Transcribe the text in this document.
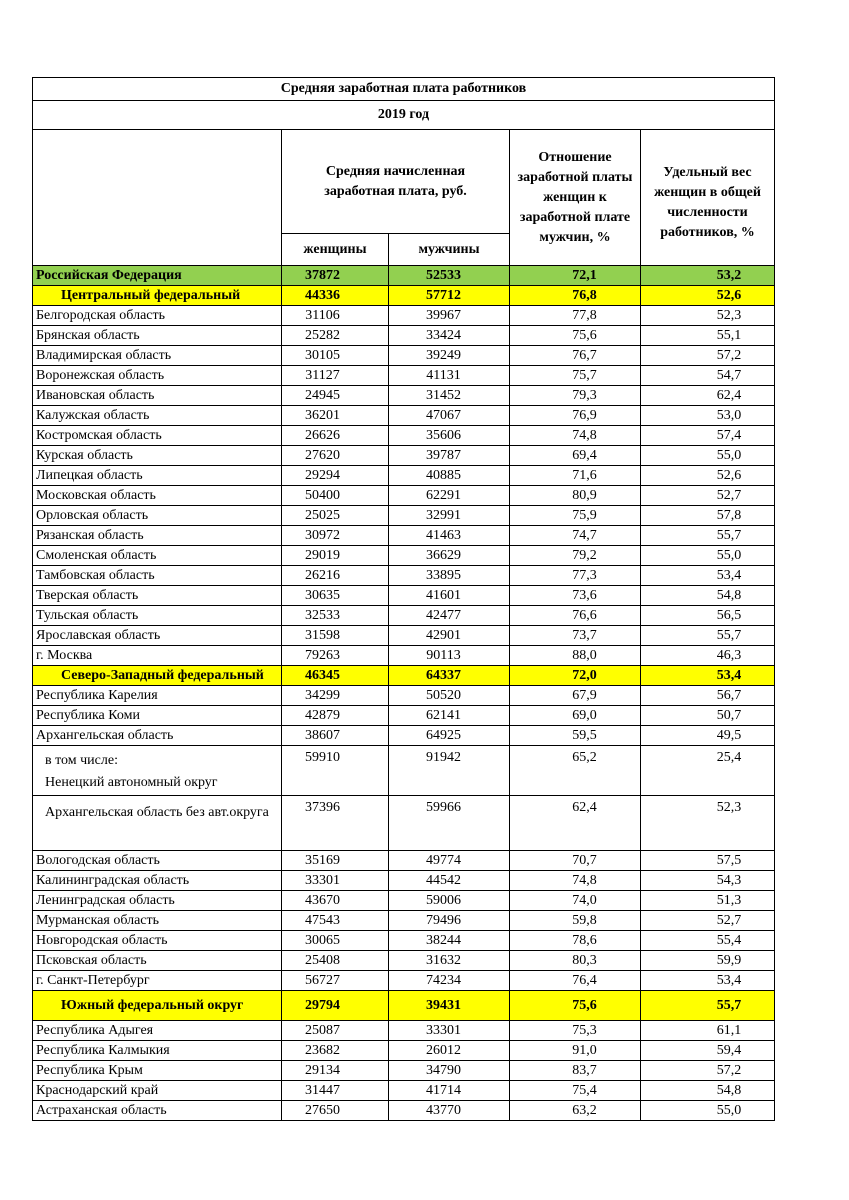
Средняя заработная плата работников				
2019 год				
	Средняя начисленная заработная плата, руб.		Отношение заработной платы женщин к заработной плате мужчин, %	Удельный вес женщин в общей численности работников, %
	женщины	мужчины		
Российская Федерация	37872	52533	72,1	53,2
Центральный федеральный	44336	57712	76,8	52,6
Белгородская область	31106	39967	77,8	52,3
Брянская область	25282	33424	75,6	55,1
Владимирская область	30105	39249	76,7	57,2
Воронежская область	31127	41131	75,7	54,7
Ивановская область	24945	31452	79,3	62,4
Калужская область	36201	47067	76,9	53,0
Костромская область	26626	35606	74,8	57,4
Курская область	27620	39787	69,4	55,0
Липецкая область	29294	40885	71,6	52,6
Московская область	50400	62291	80,9	52,7
Орловская область	25025	32991	75,9	57,8
Рязанская область	30972	41463	74,7	55,7
Смоленская область	29019	36629	79,2	55,0
Тамбовская область	26216	33895	77,3	53,4
Тверская область	30635	41601	73,6	54,8
Тульская область	32533	42477	76,6	56,5
Ярославская область	31598	42901	73,7	55,7
г. Москва	79263	90113	88,0	46,3
Северо-Западный федеральный	46345	64337	72,0	53,4
Республика Карелия	34299	50520	67,9	56,7
Республика Коми	42879	62141	69,0	50,7
Архангельская область	38607	64925	59,5	49,5
в том числе:
Ненецкий автономный округ	59910	91942	65,2	25,4
Архангельская область без авт.округа	37396	59966	62,4	52,3
Вологодская область	35169	49774	70,7	57,5
Калининградская область	33301	44542	74,8	54,3
Ленинградская область	43670	59006	74,0	51,3
Мурманская область	47543	79496	59,8	52,7
Новгородская область	30065	38244	78,6	55,4
Псковская область	25408	31632	80,3	59,9
г. Санкт-Петербург	56727	74234	76,4	53,4
Южный федеральный округ	29794	39431	75,6	55,7
Республика Адыгея	25087	33301	75,3	61,1
Республика Калмыкия	23682	26012	91,0	59,4
Республика Крым	29134	34790	83,7	57,2
Краснодарский край	31447	41714	75,4	54,8
Астраханская область	27650	43770	63,2	55,0
